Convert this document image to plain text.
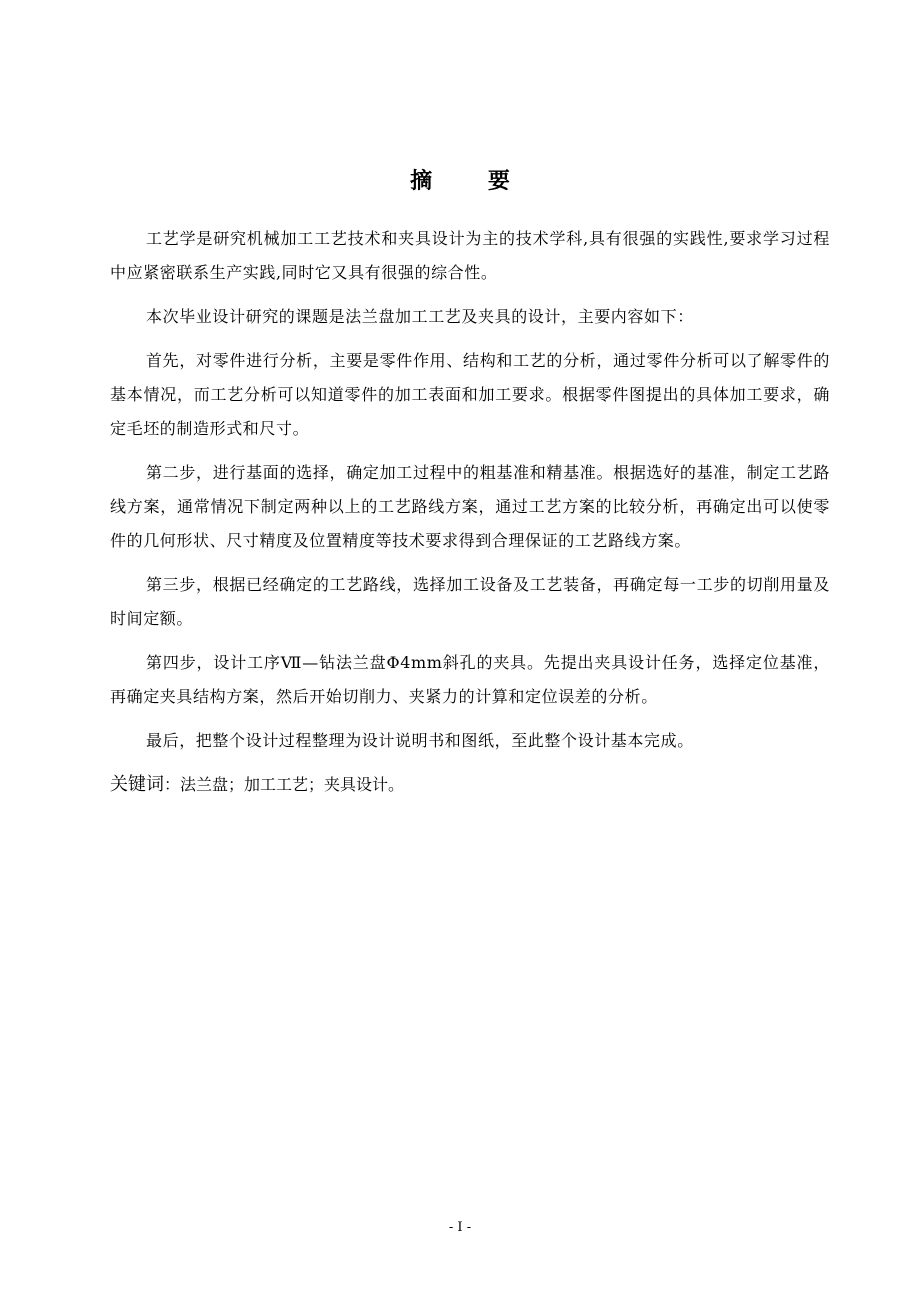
摘 要

工艺学是研究机械加工工艺技术和夹具设计为主的技术学科,具有很强的实践性,要求学习过程中应紧密联系生产实践,同时它又具有很强的综合性。

本次毕业设计研究的课题是法兰盘加工工艺及夹具的设计，主要内容如下：

首先，对零件进行分析，主要是零件作用、结构和工艺的分析，通过零件分析可以了解零件的基本情况，而工艺分析可以知道零件的加工表面和加工要求。根据零件图提出的具体加工要求，确定毛坯的制造形式和尺寸。

第二步，进行基面的选择，确定加工过程中的粗基准和精基准。根据选好的基准，制定工艺路线方案，通常情况下制定两种以上的工艺路线方案，通过工艺方案的比较分析，再确定出可以使零件的几何形状、尺寸精度及位置精度等技术要求得到合理保证的工艺路线方案。

第三步，根据已经确定的工艺路线，选择加工设备及工艺装备，再确定每一工步的切削用量及时间定额。

第四步，设计工序Ⅶ—钻法兰盘Φ4mm斜孔的夹具。先提出夹具设计任务，选择定位基准，再确定夹具结构方案，然后开始切削力、夹紧力的计算和定位误差的分析。

最后，把整个设计过程整理为设计说明书和图纸，至此整个设计基本完成。

关键词：法兰盘；加工工艺；夹具设计。

- I -
